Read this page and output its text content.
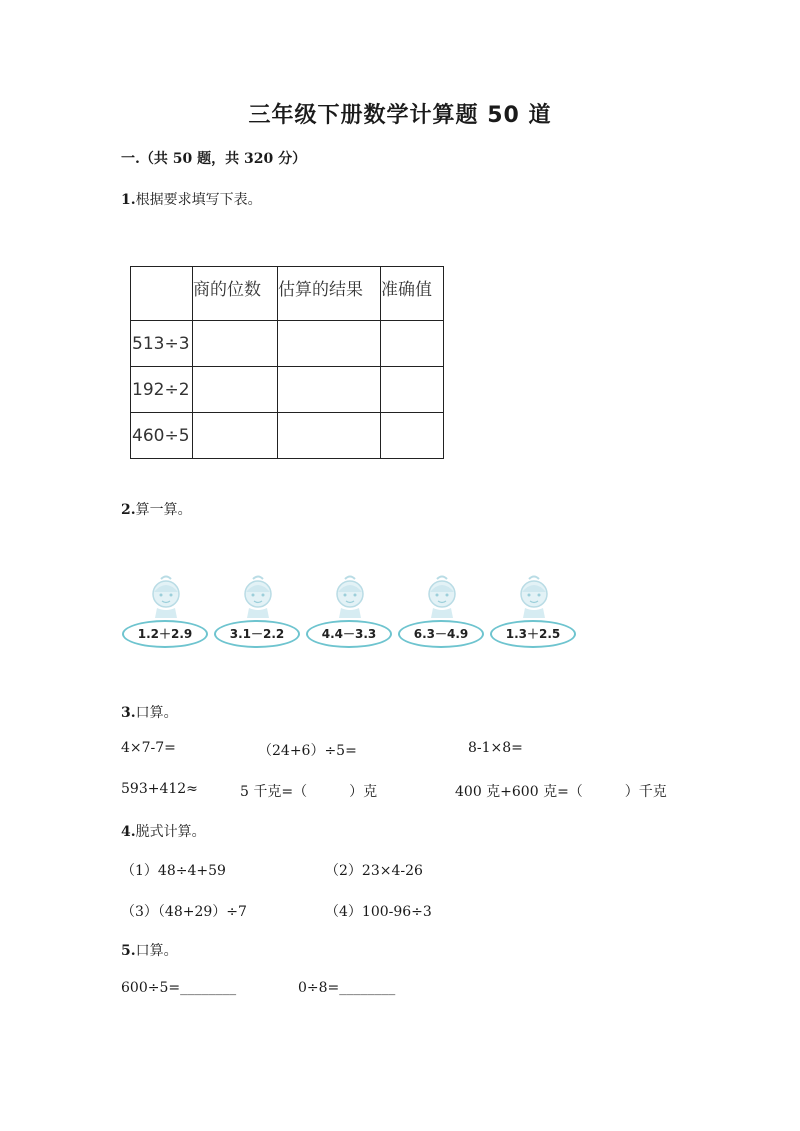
三年级下册数学计算题 50 道
一.（共 50 题，共 320 分）
1.根据要求填写下表。
	商的位数	估算的结果	准确值
513÷3			
192÷2			
460÷5			
2.算一算。
1.2＋2.9	3.1－2.2	4.4－3.3	6.3－4.9	1.3＋2.5
3.口算。
4×7-7=	（24+6）÷5=	8-1×8=
593+412≈	5 千克=（　　　）克	400 克+600 克=（　　　）千克
4.脱式计算。
（1）48÷4+59	（2）23×4-26
（3）（48+29）÷7	（4）100-96÷3
5.口算。
600÷5=________	0÷8=________
